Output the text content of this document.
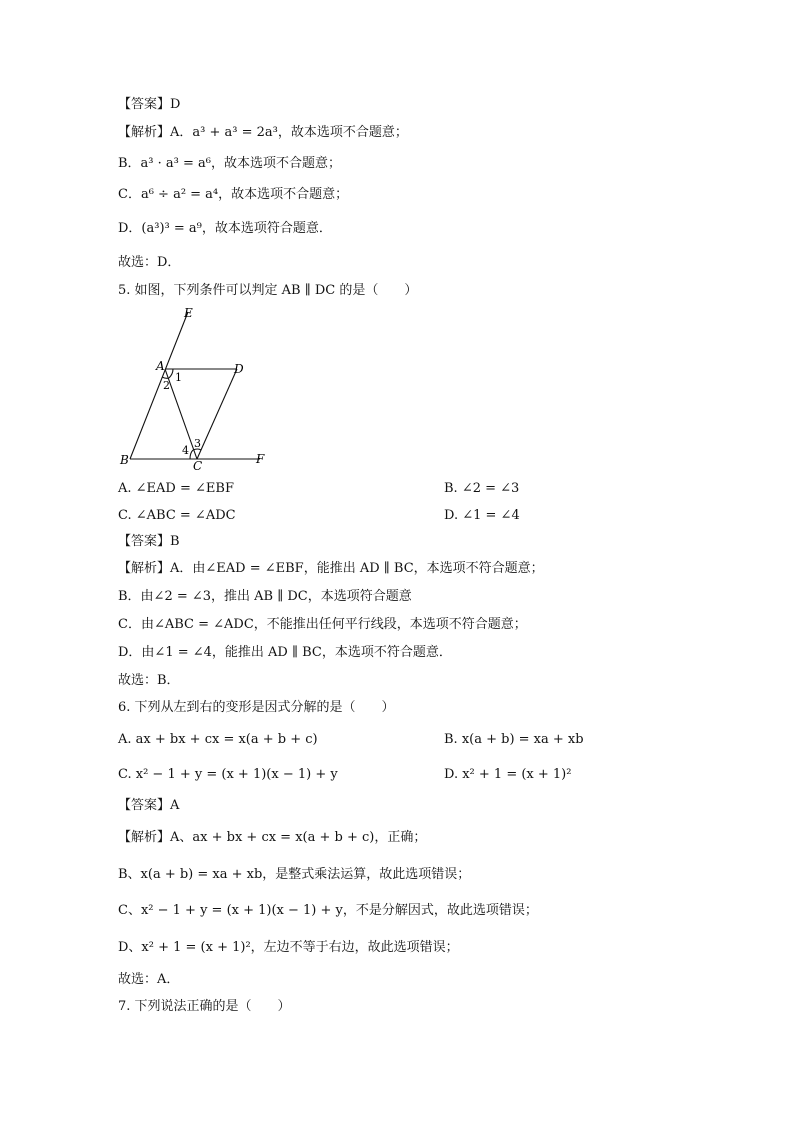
【答案】D
【解析】A．a³ + a³ = 2a³，故本选项不合题意；
B．a³ · a³ = a⁶，故本选项不合题意；
C．a⁶ ÷ a² = a⁴，故本选项不合题意；
D．(a³)³ = a⁹，故本选项符合题意．
故选：D．
5. 如图，下列条件可以判定 AB ∥ DC 的是（　　）
E
A	D
B	C	F
1
2
3
4
A. ∠EAD = ∠EBF	B. ∠2 = ∠3
C. ∠ABC = ∠ADC	D. ∠1 = ∠4
【答案】B
【解析】A．由∠EAD = ∠EBF，能推出 AD ∥ BC，本选项不符合题意；
B．由∠2 = ∠3，推出 AB ∥ DC，本选项符合题意
C．由∠ABC = ∠ADC，不能推出任何平行线段，本选项不符合题意；
D．由∠1 = ∠4，能推出 AD ∥ BC，本选项不符合题意．
故选：B．
6. 下列从左到右的变形是因式分解的是（　　）
A. ax + bx + cx = x(a + b + c)	B. x(a + b) = xa + xb
C. x² − 1 + y = (x + 1)(x − 1) + y	D. x² + 1 = (x + 1)²
【答案】A
【解析】A、ax + bx + cx = x(a + b + c)，正确；
B、x(a + b) = xa + xb，是整式乘法运算，故此选项错误；
C、x² − 1 + y = (x + 1)(x − 1) + y，不是分解因式，故此选项错误；
D、x² + 1 = (x + 1)²，左边不等于右边，故此选项错误；
故选：A．
7. 下列说法正确的是（　　）
